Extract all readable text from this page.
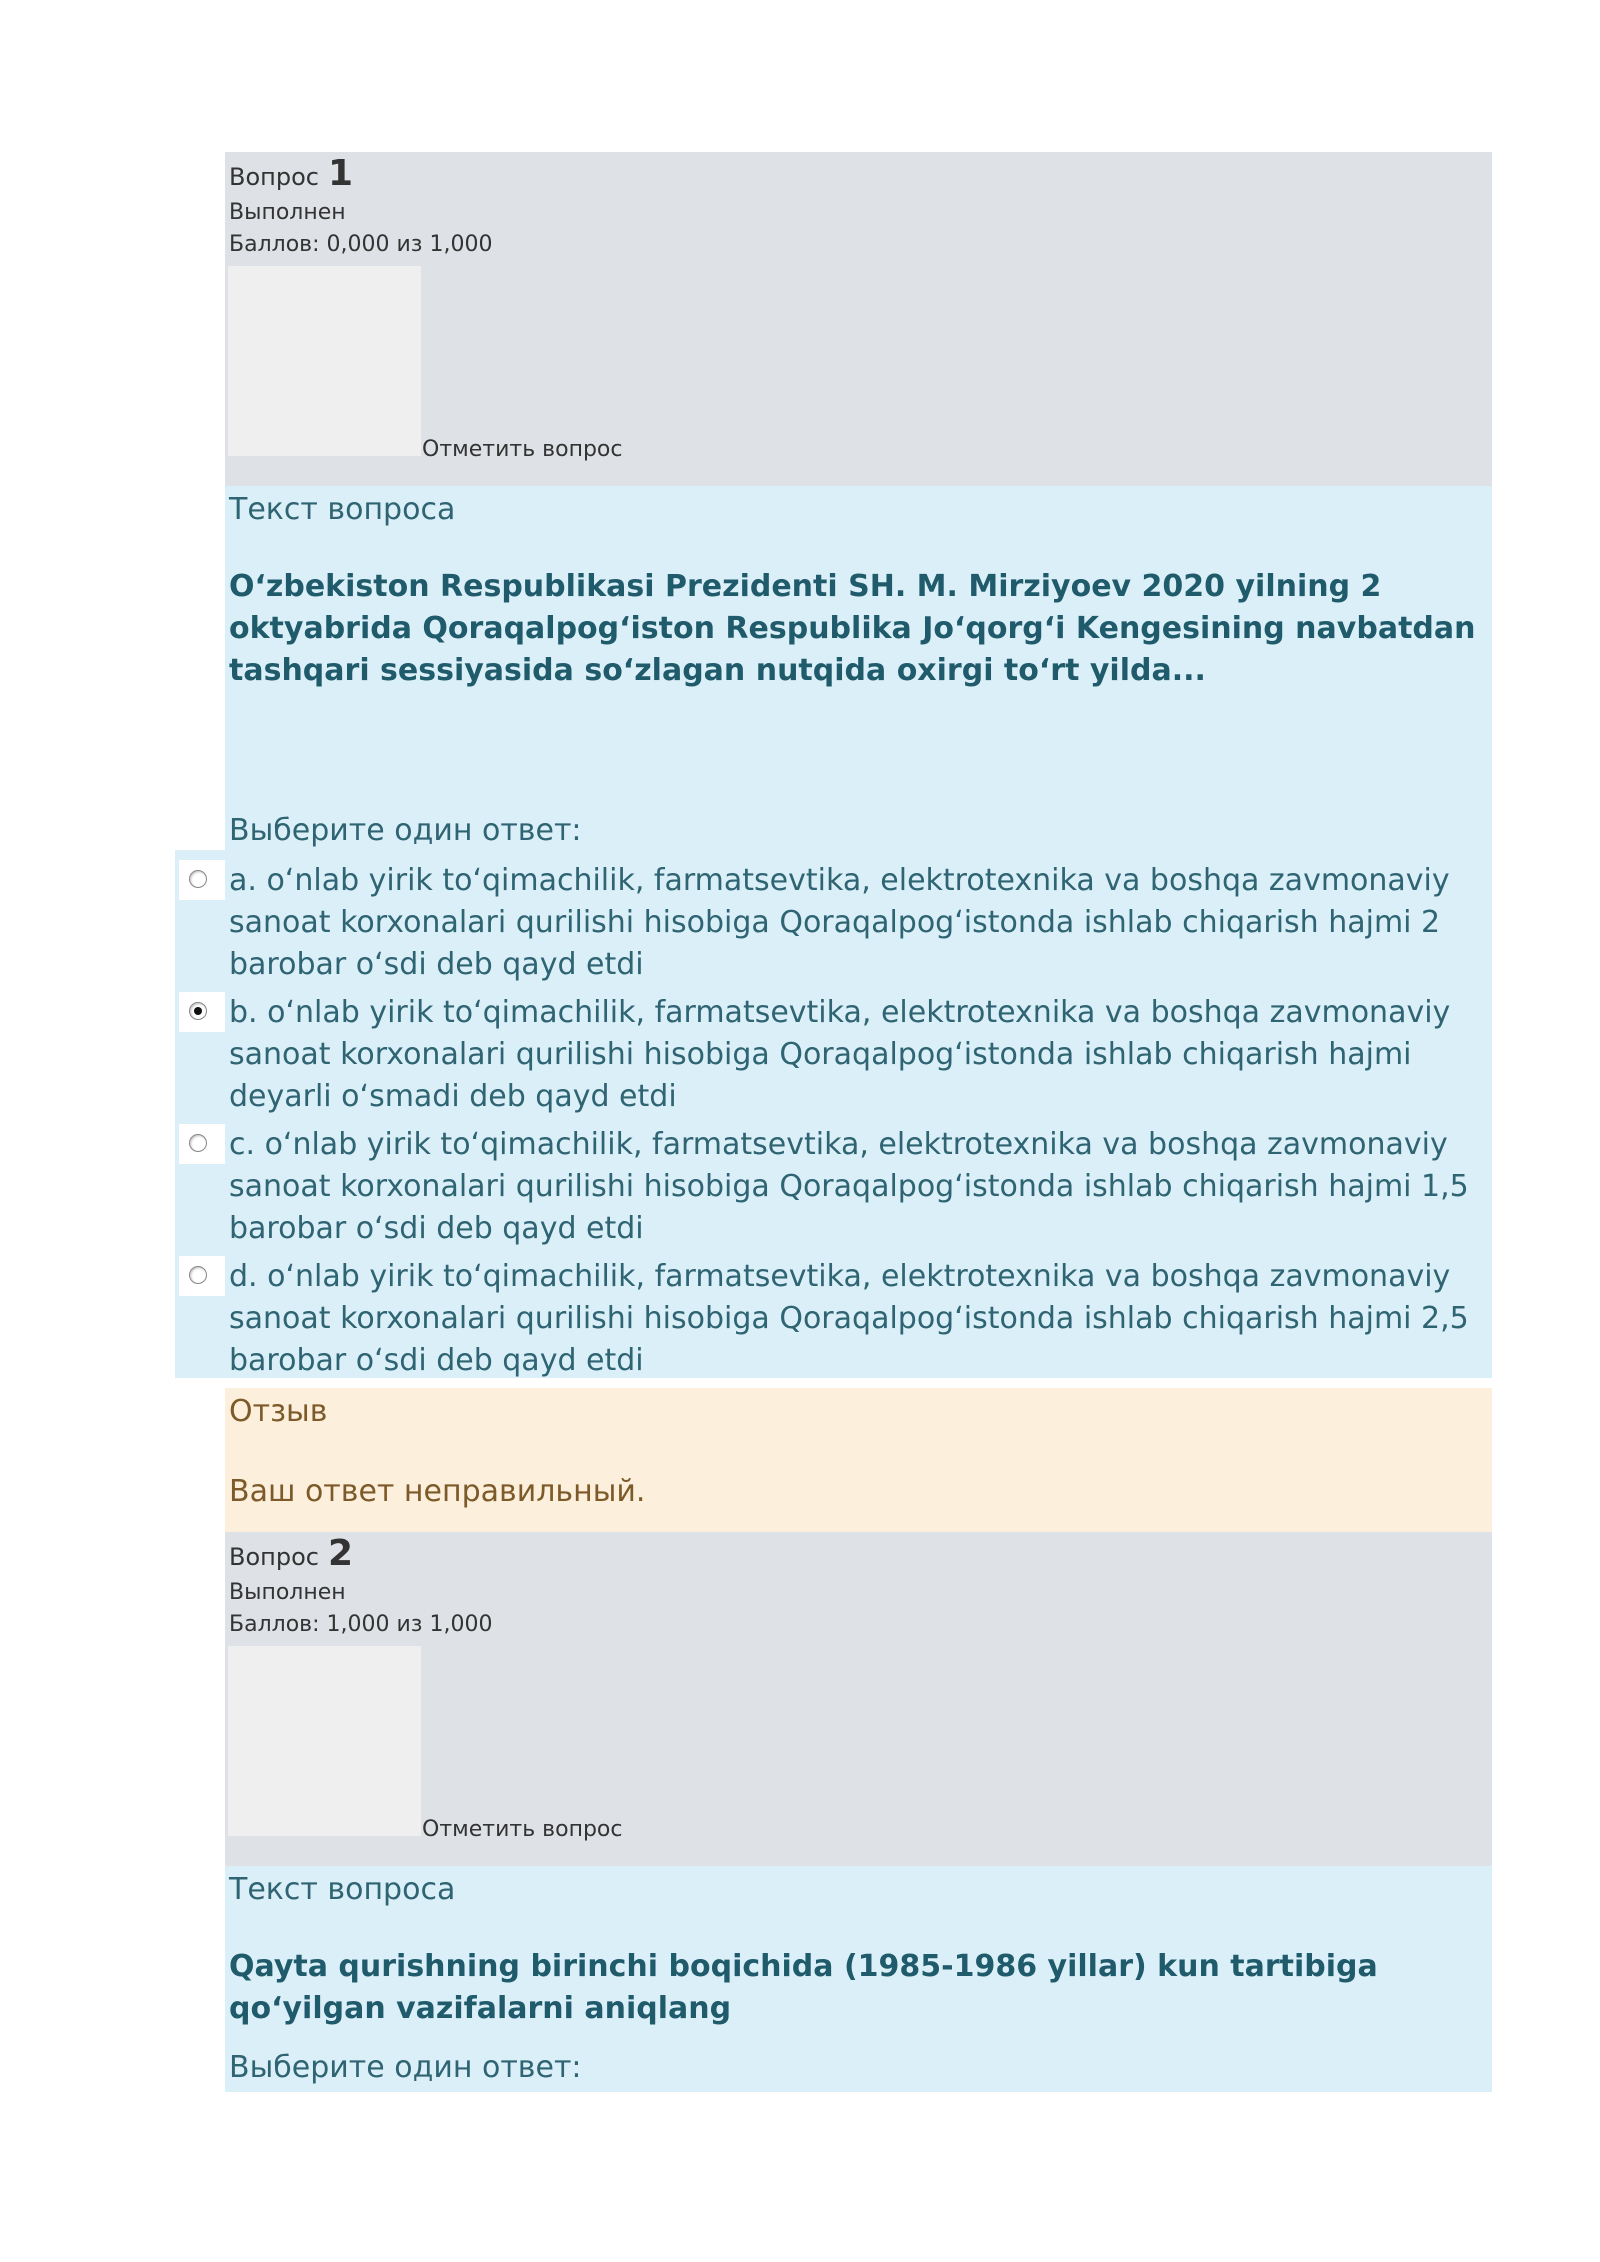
Вопрос 1
Выполнен
Баллов: 0,000 из 1,000
Отметить вопрос
Текст вопроса
O‘zbekiston Respublikasi Prezidenti SH. M. Mirziyoev 2020 yilning 2 oktyabrida Qoraqalpog‘iston Respublika Jo‘qorg‘i Kengesining navbatdan tashqari sessiyasida so‘zlagan nutqida oxirgi to‘rt yilda...
Выберите один ответ:
a. o‘nlab yirik to‘qimachilik, farmatsevtika, elektrotexnika va boshqa zavmonaviy sanoat korxonalari qurilishi hisobiga Qoraqalpog‘istonda ishlab chiqarish hajmi 2 barobar o‘sdi deb qayd etdi
b. o‘nlab yirik to‘qimachilik, farmatsevtika, elektrotexnika va boshqa zavmonaviy sanoat korxonalari qurilishi hisobiga Qoraqalpog‘istonda ishlab chiqarish hajmi deyarli o‘smadi deb qayd etdi
c. o‘nlab yirik to‘qimachilik, farmatsevtika, elektrotexnika va boshqa zavmonaviy sanoat korxonalari qurilishi hisobiga Qoraqalpog‘istonda ishlab chiqarish hajmi 1,5 barobar o‘sdi deb qayd etdi
d. o‘nlab yirik to‘qimachilik, farmatsevtika, elektrotexnika va boshqa zavmonaviy sanoat korxonalari qurilishi hisobiga Qoraqalpog‘istonda ishlab chiqarish hajmi 2,5 barobar o‘sdi deb qayd etdi
Отзыв
Ваш ответ неправильный.
Вопрос 2
Выполнен
Баллов: 1,000 из 1,000
Отметить вопрос
Текст вопроса
Qayta qurishning birinchi boqichida (1985-1986 yillar) kun tartibiga qo‘yilgan vazifalarni aniqlang
Выберите один ответ:
